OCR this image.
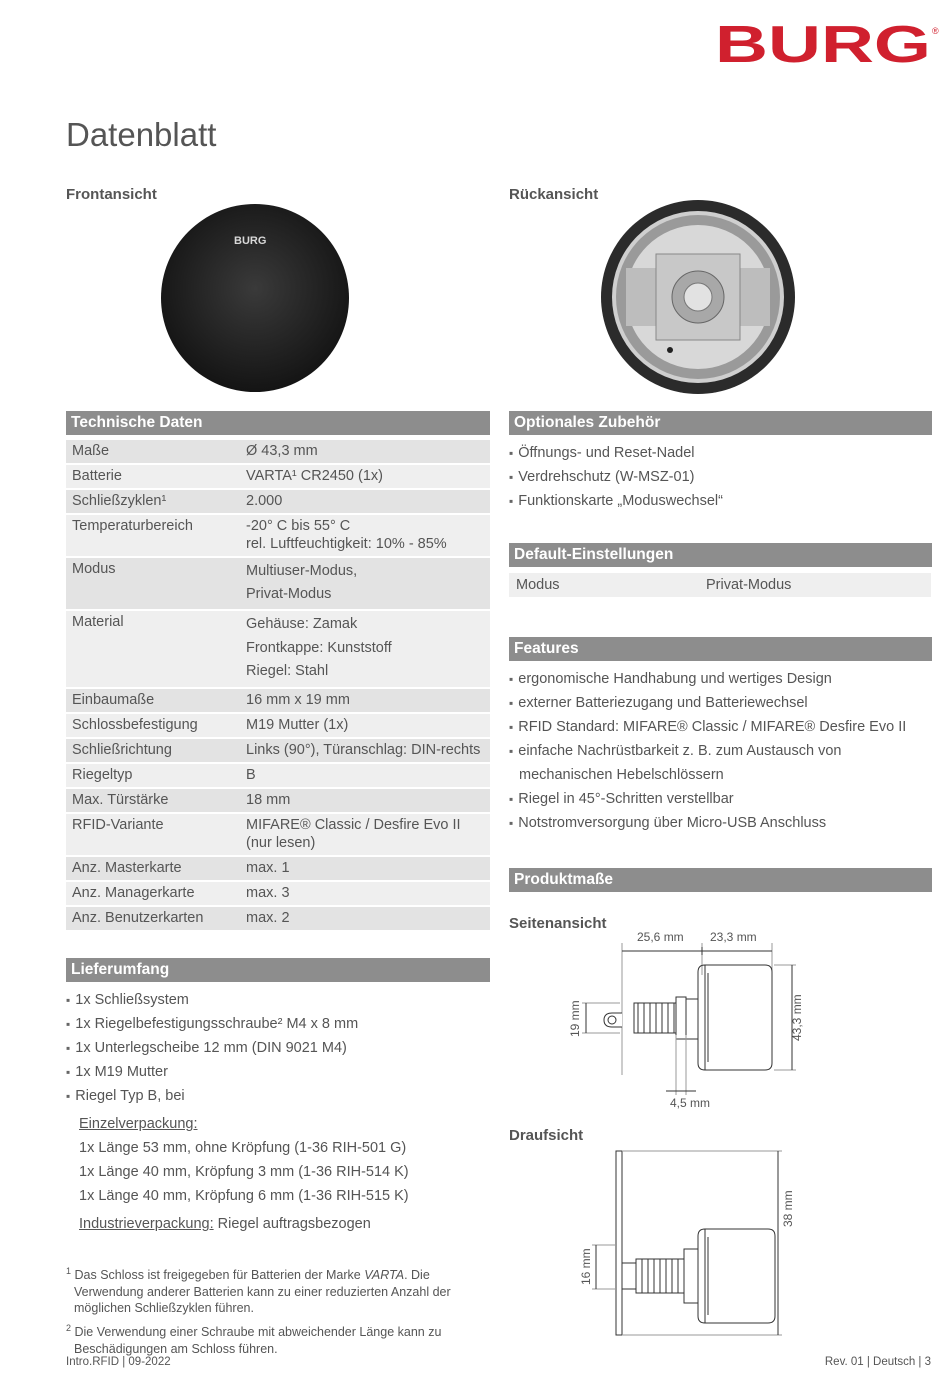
BURG ®
Datenblatt
Frontansicht	Rückansicht
BURG
Technische Daten
Maße	Ø 43,3 mm

Batterie	VARTA¹ CR2450 (1x)

Schließzyklen¹	2.000

Temperaturbereich	-20° C bis 55° C
rel. Luftfeuchtigkeit: 10% - 85%

Modus	Multiuser-Modus,
Privat-Modus

Material	Gehäuse: Zamak
Frontkappe: Kunststoff
Riegel: Stahl

Einbaumaße	16 mm x 19 mm

Schlossbefestigung	M19 Mutter (1x)

Schließrichtung	Links (90°), Türanschlag: DIN-rechts

Riegeltyp	B

Max. Türstärke	18 mm

RFID-Variante	MIFARE® Classic / Desfire Evo II
(nur lesen)

Anz. Masterkarte	max. 1

Anz. Managerkarte	max. 3

Anz. Benutzerkarten	max. 2
Lieferumfang
▪ 1x Schließsystem
▪ 1x Riegelbefestigungsschraube² M4 x 8 mm
▪ 1x Unterlegscheibe 12 mm (DIN 9021 M4)
▪ 1x M19 Mutter
▪ Riegel Typ B, bei
Einzelverpackung:
1x Länge 53 mm, ohne Kröpfung (1-36 RIH-501 G)
1x Länge 40 mm, Kröpfung 3 mm (1-36 RIH-514 K)
1x Länge 40 mm, Kröpfung 6 mm (1-36 RIH-515 K)
Industrieverpackung: Riegel auftragsbezogen
$^1$ Das Schloss ist freigegeben für Batterien der Marke VARTA. Die
Verwendung anderer Batterien kann zu einer reduzierten Anzahl der
möglichen Schließzyklen führen.
$^2$ Die Verwendung einer Schraube mit abweichender Länge kann zu
Beschädigungen am Schloss führen.
Intro.RFID | 09-2022	Rev. 01 | Deutsch | 3
Optionales Zubehör
▪ Öffnungs- und Reset-Nadel
▪ Verdrehschutz (W-MSZ-01)
▪ Funktionskarte „Moduswechsel“
Default-Einstellungen
Modus	Privat-Modus
Features
▪ ergonomische Handhabung und wertiges Design
▪ externer Batteriezugang und Batteriewechsel
▪ RFID Standard: MIFARE® Classic / MIFARE® Desfire Evo II
▪ einfache Nachrüstbarkeit z. B. zum Austausch von
mechanischen Hebelschlössern
▪ Riegel in 45°-Schritten verstellbar
▪ Notstromversorgung über Micro-USB Anschluss
Produktmaße
Seitenansicht
Draufsicht
25,6 mm 23,3 mm
19 mm	43,3 mm
4,5 mm
16 mm
38 mm
